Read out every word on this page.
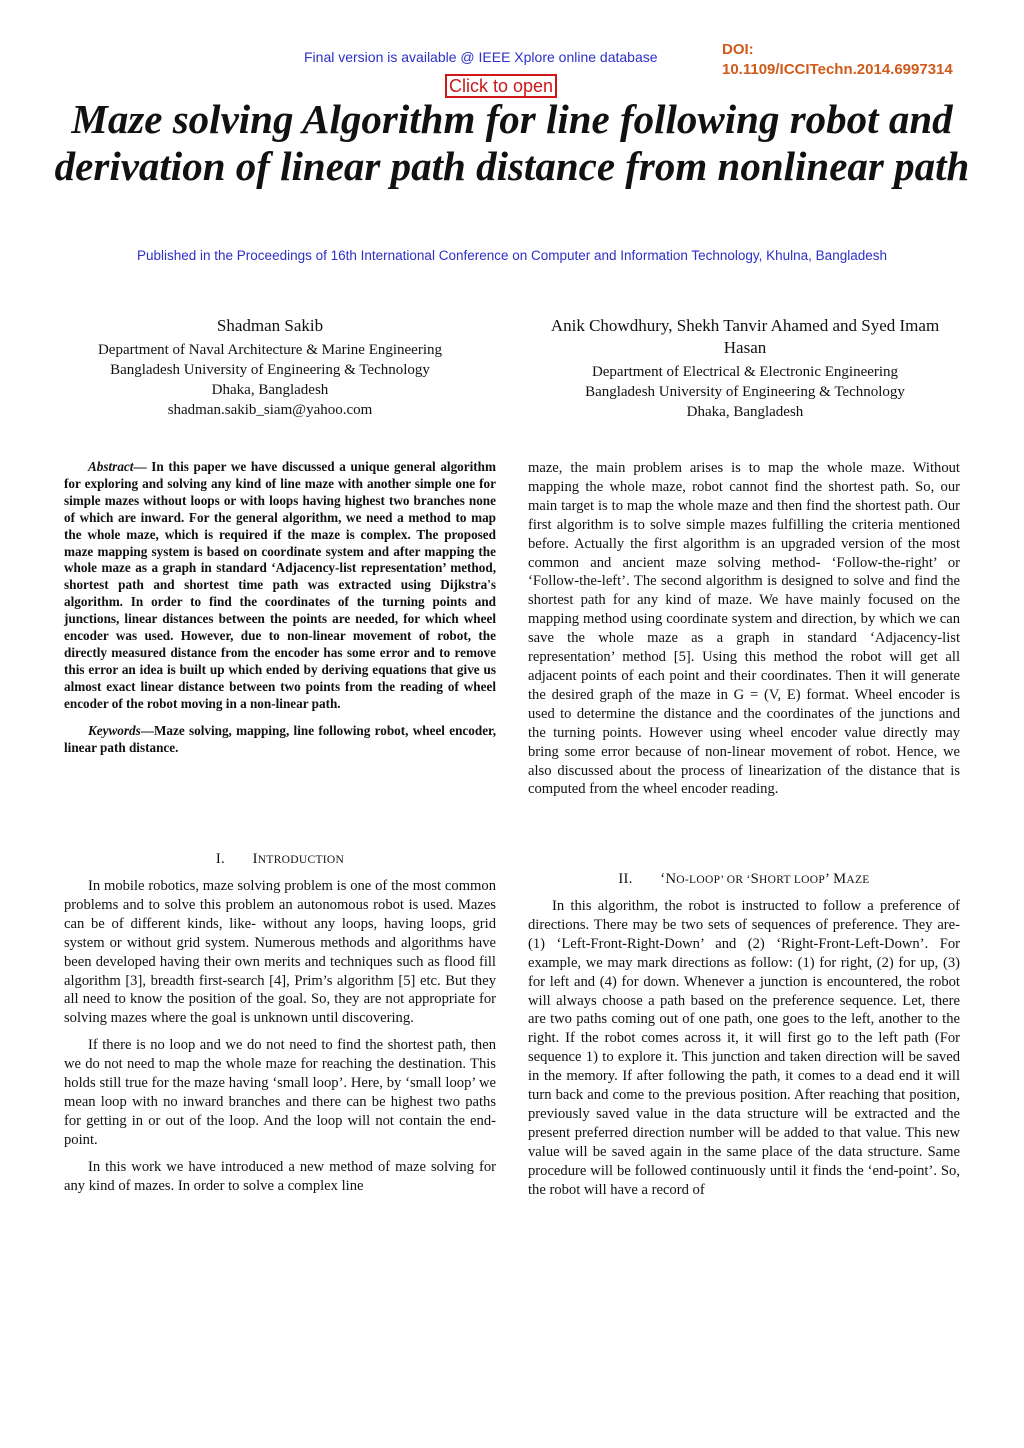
Final version is available @ IEEE Xplore online database
Click to open
DOI:
10.1109/ICCITechn.2014.6997314
Maze solving Algorithm for line following robot and derivation of linear path distance from nonlinear path
Published in the Proceedings of 16th International Conference on Computer and Information Technology, Khulna, Bangladesh
Shadman Sakib
Department of Naval Architecture & Marine Engineering
Bangladesh University of Engineering & Technology
Dhaka, Bangladesh
shadman.sakib_siam@yahoo.com
Anik Chowdhury, Shekh Tanvir Ahamed and Syed Imam Hasan
Department of Electrical & Electronic Engineering
Bangladesh University of Engineering & Technology
Dhaka, Bangladesh

Abstract— In this paper we have discussed a unique general algorithm for exploring and solving any kind of line maze with another simple one for simple mazes without loops or with loops having highest two branches none of which are inward. For the general algorithm, we need a method to map the whole maze, which is required if the maze is complex. The proposed maze mapping system is based on coordinate system and after mapping the whole maze as a graph in standard ‘Adjacency-list representation’ method, shortest path and shortest time path was extracted using Dijkstra's algorithm. In order to find the coordinates of the turning points and junctions, linear distances between the points are needed, for which wheel encoder was used. However, due to non-linear movement of robot, the directly measured distance from the encoder has some error and to remove this error an idea is built up which ended by deriving equations that give us almost exact linear distance between two points from the reading of wheel encoder of the robot moving in a non-linear path.

Keywords—Maze solving, mapping, line following robot, wheel encoder, linear path distance.

I. INTRODUCTION

In mobile robotics, maze solving problem is one of the most common problems and to solve this problem an autonomous robot is used. Mazes can be of different kinds, like- without any loops, having loops, grid system or without grid system. Numerous methods and algorithms have been developed having their own merits and techniques such as flood fill algorithm [3], breadth first-search [4], Prim’s algorithm [5] etc. But they all need to know the position of the goal. So, they are not appropriate for solving mazes where the goal is unknown until discovering.

If there is no loop and we do not need to find the shortest path, then we do not need to map the whole maze for reaching the destination. This holds still true for the maze having ‘small loop’. Here, by ‘small loop’ we mean loop with no inward branches and there can be highest two paths for getting in or out of the loop. And the loop will not contain the end-point.

In this work we have introduced a new method of maze solving for any kind of mazes. In order to solve a complex line

maze, the main problem arises is to map the whole maze. Without mapping the whole maze, robot cannot find the shortest path. So, our main target is to map the whole maze and then find the shortest path. Our first algorithm is to solve simple mazes fulfilling the criteria mentioned before. Actually the first algorithm is an upgraded version of the most common and ancient maze solving method- ‘Follow-the-right’ or ‘Follow-the-left’. The second algorithm is designed to solve and find the shortest path for any kind of maze. We have mainly focused on the mapping method using coordinate system and direction, by which we can save the whole maze as a graph in standard ‘Adjacency-list representation’ method [5]. Using this method the robot will get all adjacent points of each point and their coordinates. Then it will generate the desired graph of the maze in G = (V, E) format. Wheel encoder is used to determine the distance and the coordinates of the junctions and the turning points. However using wheel encoder value directly may bring some error because of non-linear movement of robot. Hence, we also discussed about the process of linearization of the distance that is computed from the wheel encoder reading.

II. ‘NO-LOOP’ OR ‘SHORT LOOP’ MAZE

In this algorithm, the robot is instructed to follow a preference of directions. There may be two sets of sequences of preference. They are- (1) ‘Left-Front-Right-Down’ and (2) ‘Right-Front-Left-Down’. For example, we may mark directions as follow: (1) for right, (2) for up, (3) for left and (4) for down. Whenever a junction is encountered, the robot will always choose a path based on the preference sequence. Let, there are two paths coming out of one path, one goes to the left, another to the right. If the robot comes across it, it will first go to the left path (For sequence 1) to explore it. This junction and taken direction will be saved in the memory. If after following the path, it comes to a dead end it will turn back and come to the previous position. After reaching that position, previously saved value in the data structure will be extracted and the present preferred direction number will be added to that value. This new value will be saved again in the same place of the data structure. Same procedure will be followed continuously until it finds the ‘end-point’. So, the robot will have a record of
